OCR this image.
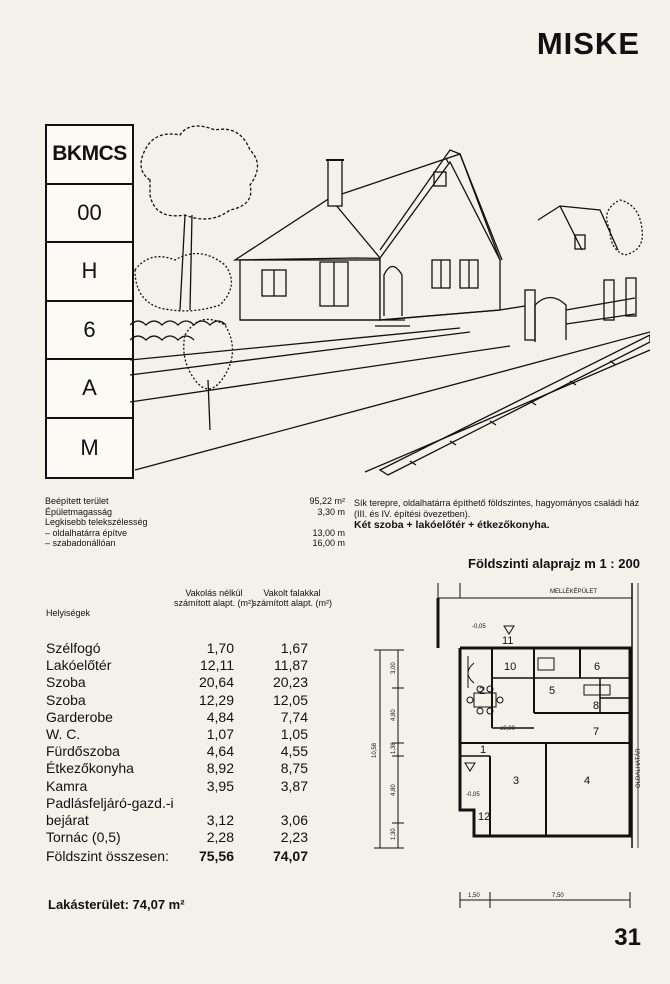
MISKE
BKMCS
00
H
6
A
M
Beépített terület	95,22 m²
Épületmagasság	3,30 m
Legkisebb telekszélesség
– oldalhatárra építve	13,00 m
– szabadonállóan	16,00 m
Sík terepre, oldalhatárra építhető földszintes, hagyományos családi ház (III. és IV. építési övezetben).
Két szoba + lakóelőtér + étkezőkonyha.
Földszinti alaprajz m 1 : 200
Helyiségek
Vakolás nélkül számított alapt. (m²)
Vakolt falakkal számított alapt. (m²)
Szélfogó	1,70	1,67
Lakóelőtér	12,11	11,87
Szoba	20,64	20,23
Szoba	12,29	12,05
Garderobe	4,84	7,74
W. C.	1,07	1,05
Fürdőszoba	4,64	4,55
Étkezőkonyha	8,92	8,75
Kamra	3,95	3,87
Padlásfeljáró-gazd.-i
bejárat	3,12	3,06
Tornác (0,5)	2,28	2,23
Földszint összesen: 75,56	74,07
Lakásterület: 74,07 m²
MELLÉKÉPÜLET
OLDALHATÁR
11
10	6
2	5
8
7
1
3	4
12
-0,05
±0,00
-0,05
10,58
3,00
4,80
1,38
4,80
1,30
1,50	7,50
31
